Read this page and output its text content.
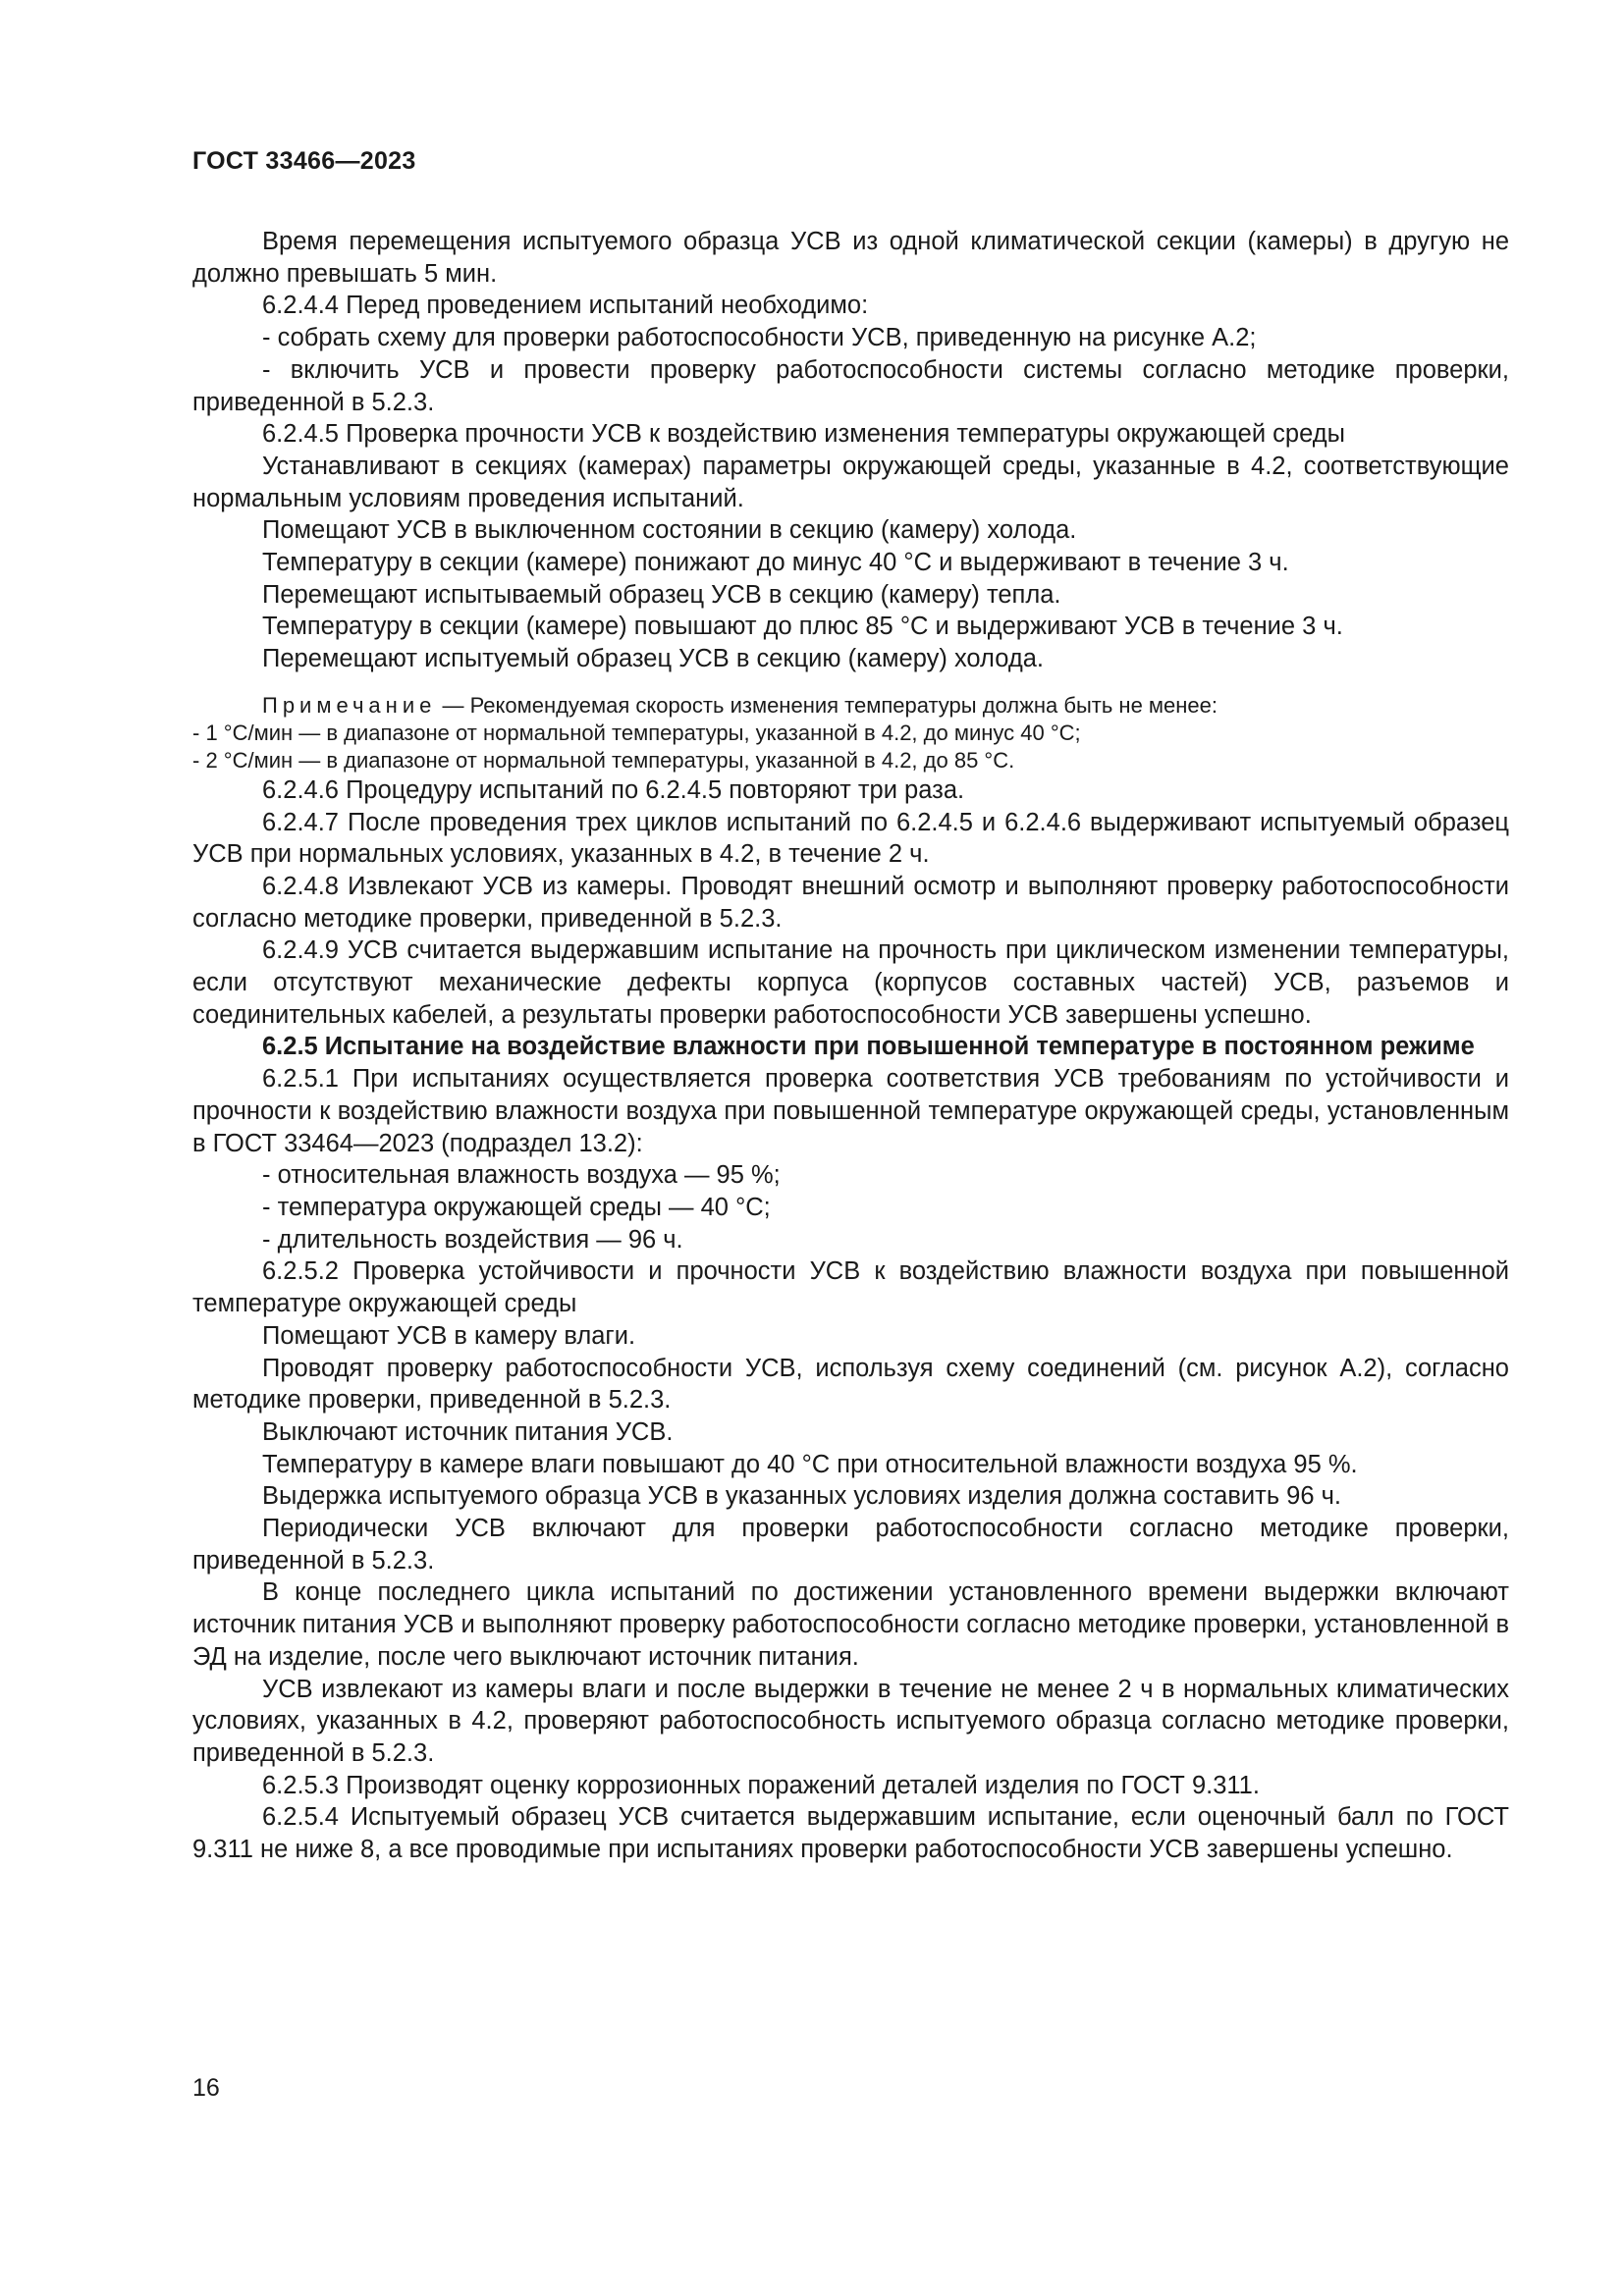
ГОСТ 33466—2023

Время перемещения испытуемого образца УСВ из одной климатической секции (камеры) в другую не должно превышать 5 мин.

6.2.4.4 Перед проведением испытаний необходимо:

- собрать схему для проверки работоспособности УСВ, приведенную на рисунке А.2;

- включить УСВ и провести проверку работоспособности системы согласно методике проверки, приведенной в 5.2.3.

6.2.4.5 Проверка прочности УСВ к воздействию изменения температуры окружающей среды

Устанавливают в секциях (камерах) параметры окружающей среды, указанные в 4.2, соответствующие нормальным условиям проведения испытаний.

Помещают УСВ в выключенном состоянии в секцию (камеру) холода.

Температуру в секции (камере) понижают до минус 40 °С и выдерживают в течение 3 ч.

Перемещают испытываемый образец УСВ в секцию (камеру) тепла.

Температуру в секции (камере) повышают до плюс 85 °С и выдерживают УСВ в течение 3 ч.

Перемещают испытуемый образец УСВ в секцию (камеру) холода.

Примечание — Рекомендуемая скорость изменения температуры должна быть не менее:

- 1 °С/мин — в диапазоне от нормальной температуры, указанной в 4.2, до минус 40 °С;

- 2 °С/мин — в диапазоне от нормальной температуры, указанной в 4.2, до 85 °С.

6.2.4.6 Процедуру испытаний по 6.2.4.5 повторяют три раза.

6.2.4.7 После проведения трех циклов испытаний по 6.2.4.5 и 6.2.4.6 выдерживают испытуемый образец УСВ при нормальных условиях, указанных в 4.2, в течение 2 ч.

6.2.4.8 Извлекают УСВ из камеры. Проводят внешний осмотр и выполняют проверку работоспособности согласно методике проверки, приведенной в 5.2.3.

6.2.4.9 УСВ считается выдержавшим испытание на прочность при циклическом изменении температуры, если отсутствуют механические дефекты корпуса (корпусов составных частей) УСВ, разъемов и соединительных кабелей, а результаты проверки работоспособности УСВ завершены успешно.

6.2.5 Испытание на воздействие влажности при повышенной температуре в постоянном режиме

6.2.5.1 При испытаниях осуществляется проверка соответствия УСВ требованиям по устойчивости и прочности к воздействию влажности воздуха при повышенной температуре окружающей среды, установленным в ГОСТ 33464—2023 (подраздел 13.2):

- относительная влажность воздуха — 95 %;

- температура окружающей среды — 40 °С;

- длительность воздействия — 96 ч.

6.2.5.2 Проверка устойчивости и прочности УСВ к воздействию влажности воздуха при повышенной температуре окружающей среды

Помещают УСВ в камеру влаги.

Проводят проверку работоспособности УСВ, используя схему соединений (см. рисунок А.2), согласно методике проверки, приведенной в 5.2.3.

Выключают источник питания УСВ.

Температуру в камере влаги повышают до 40 °С при относительной влажности воздуха 95 %.

Выдержка испытуемого образца УСВ в указанных условиях изделия должна составить 96 ч.

Периодически УСВ включают для проверки работоспособности согласно методике проверки, приведенной в 5.2.3.

В конце последнего цикла испытаний по достижении установленного времени выдержки включают источник питания УСВ и выполняют проверку работоспособности согласно методике проверки, установленной в ЭД на изделие, после чего выключают источник питания.

УСВ извлекают из камеры влаги и после выдержки в течение не менее 2 ч в нормальных климатических условиях, указанных в 4.2, проверяют работоспособность испытуемого образца согласно методике проверки, приведенной в 5.2.3.

6.2.5.3 Производят оценку коррозионных поражений деталей изделия по ГОСТ 9.311.

6.2.5.4 Испытуемый образец УСВ считается выдержавшим испытание, если оценочный балл по ГОСТ 9.311 не ниже 8, а все проводимые при испытаниях проверки работоспособности УСВ завершены успешно.

16
